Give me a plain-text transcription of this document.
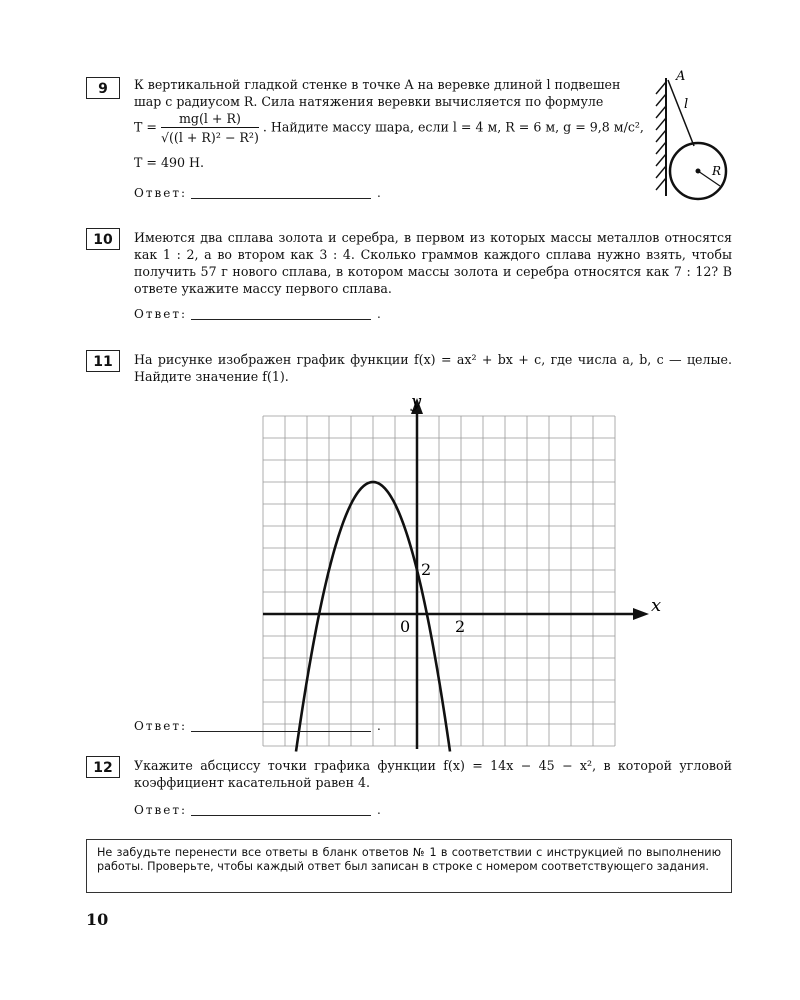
9	К вертикальной гладкой стенке в точке A на веревке длиной l подвешен
шар с радиусом R. Сила натяжения веревки вычисляется по формуле
$T = \frac{mg(l + R)}{\text{√((l + R)² − R²)}}$ . Найдите массу шара, если l = 4 м, R = 6 м, g = 9,8 м/с²,
T = 490 Н.
Ответ:	.
A
l
R
10	Имеются два сплава золота и серебра, в первом из которых массы металлов относятся как 1 : 2, а во втором как 3 : 4. Сколько граммов каждого сплава нужно взять, чтобы получить 57 г нового сплава, в котором массы золота и серебра относятся как 7 : 12? В ответе укажите массу первого сплава.
Ответ:	.
11	На рисунке изображен график функции f(x) = ax² + bx + c, где числа a, b, c — целые. Найдите значение f(1).
y
x
0	2
2
Ответ:	.
12	Укажите абсциссу точки графика функции f(x) = 14x − 45 − x², в которой угловой коэффициент касательной равен 4.
Ответ:	.
Не забудьте перенести все ответы в бланк ответов № 1 в соответствии с инструкцией по выполнению работы. Проверьте, чтобы каждый ответ был записан в строке с номером соответствующего задания.
10
